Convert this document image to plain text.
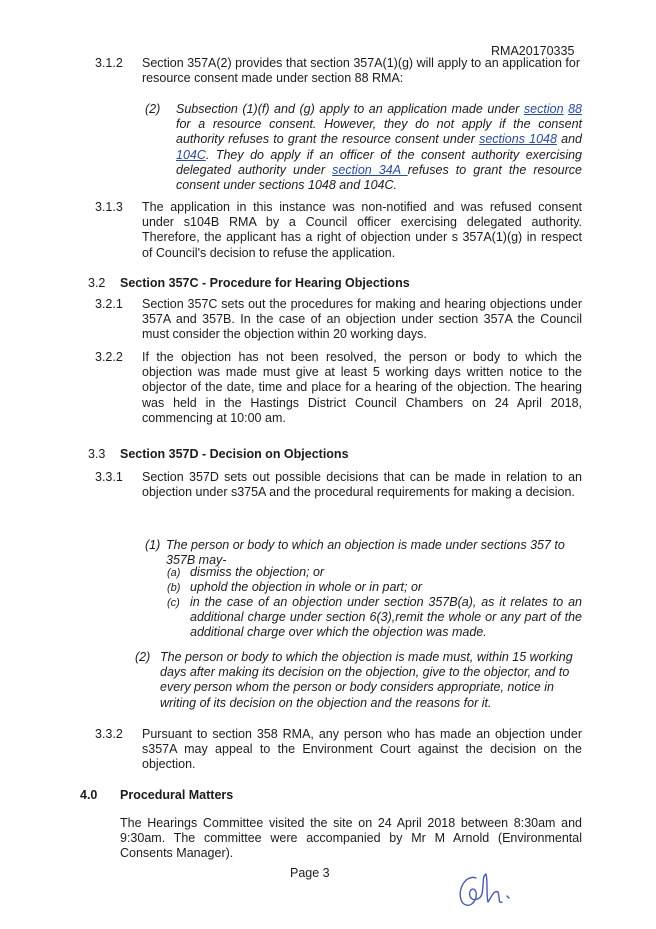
RMA20170335
3.1.2 Section 357A(2) provides that section 357A(1)(g) will apply to an application for resource consent made under section 88 RMA:
(2) Subsection (1)(f) and (g) apply to an application made under section 88 for a resource consent. However, they do not apply if the consent authority refuses to grant the resource consent under sections 1048 and 104C. They do apply if an officer of the consent authority exercising delegated authority under section 34A refuses to grant the resource consent under sections 1048 and 104C.
3.1.3 The application in this instance was non-notified and was refused consent under s104B RMA by a Council officer exercising delegated authority. Therefore, the applicant has a right of objection under s 357A(1)(g) in respect of Council's decision to refuse the application.
3.2 Section 357C - Procedure for Hearing Objections
3.2.1 Section 357C sets out the procedures for making and hearing objections under 357A and 357B. In the case of an objection under section 357A the Council must consider the objection within 20 working days.
3.2.2 If the objection has not been resolved, the person or body to which the objection was made must give at least 5 working days written notice to the objector of the date, time and place for a hearing of the objection. The hearing was held in the Hastings District Council Chambers on 24 April 2018, commencing at 10:00 am.
3.3 Section 357D - Decision on Objections
3.3.1 Section 357D sets out possible decisions that can be made in relation to an objection under s375A and the procedural requirements for making a decision.
(1) The person or body to which an objection is made under sections 357 to 357B may-
(a) dismiss the objection; or
(b) uphold the objection in whole or in part; or
(c) in the case of an objection under section 357B(a), as it relates to an additional charge under section 6(3),remit the whole or any part of the additional charge over which the objection was made.
(2) The person or body to which the objection is made must, within 15 working days after making its decision on the objection, give to the objector, and to every person whom the person or body considers appropriate, notice in writing of its decision on the objection and the reasons for it.
3.3.2 Pursuant to section 358 RMA, any person who has made an objection under s357A may appeal to the Environment Court against the decision on the objection.
4.0 Procedural Matters
The Hearings Committee visited the site on 24 April 2018 between 8:30am and 9:30am. The committee were accompanied by Mr M Arnold (Environmental Consents Manager).
Page 3
